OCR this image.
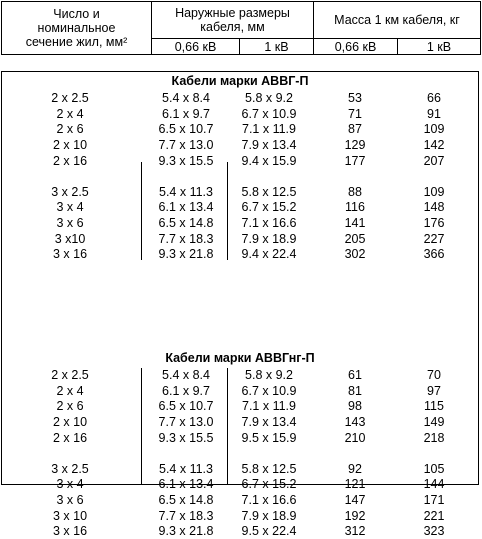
Число и номинальное сечение жил, мм²	Наружные размеры кабеля, мм		Масса 1 км кабеля, кг	
	0,66 кВ	1 кВ	0,66 кВ	1 кВ
Кабели марки АВВГ-П
2 х 2.5	5.4 х 8.4	5.8 х 9.2	53	66
2 х 4	6.1 х 9.7	6.7 х 10.9	71	91
2 х 6	6.5 х 10.7	7.1 х 11.9	87	109
2 х 10	7.7 х 13.0	7.9 х 13.4	129	142
2 х 16	9.3 х 15.5	9.4 х 15.9	177	207
3 х 2.5	5.4 х 11.3	5.8 х 12.5	88	109
3 х 4	6.1 х 13.4	6.7 х 15.2	116	148
3 х 6	6.5 х 14.8	7.1 х 16.6	141	176
3 х10	7.7 х 18.3	7.9 х 18.9	205	227
3 х 16	9.3 х 21.8	9.4 х 22.4	302	366
Кабели марки АВВГнг-П
2 х 2.5	5.4 х 8.4	5.8 х 9.2	61	70
2 х 4	6.1 х 9.7	6.7 х 10.9	81	97
2 х 6	6.5 х 10.7	7.1 х 11.9	98	115
2 х 10	7.7 х 13.0	7.9 х 13.4	143	149
2 х 16	9.3 х 15.5	9.5 х 15.9	210	218
3 х 2.5	5.4 х 11.3	5.8 х 12.5	92	105
3 х 4	6.1 х 13.4	6.7 х 15.2	121	144
3 х 6	6.5 х 14.8	7.1 х 16.6	147	171
3 х 10	7.7 х 18.3	7.9 х 18.9	192	221
3 х 16	9.3 х 21.8	9.5 х 22.4	312	323
